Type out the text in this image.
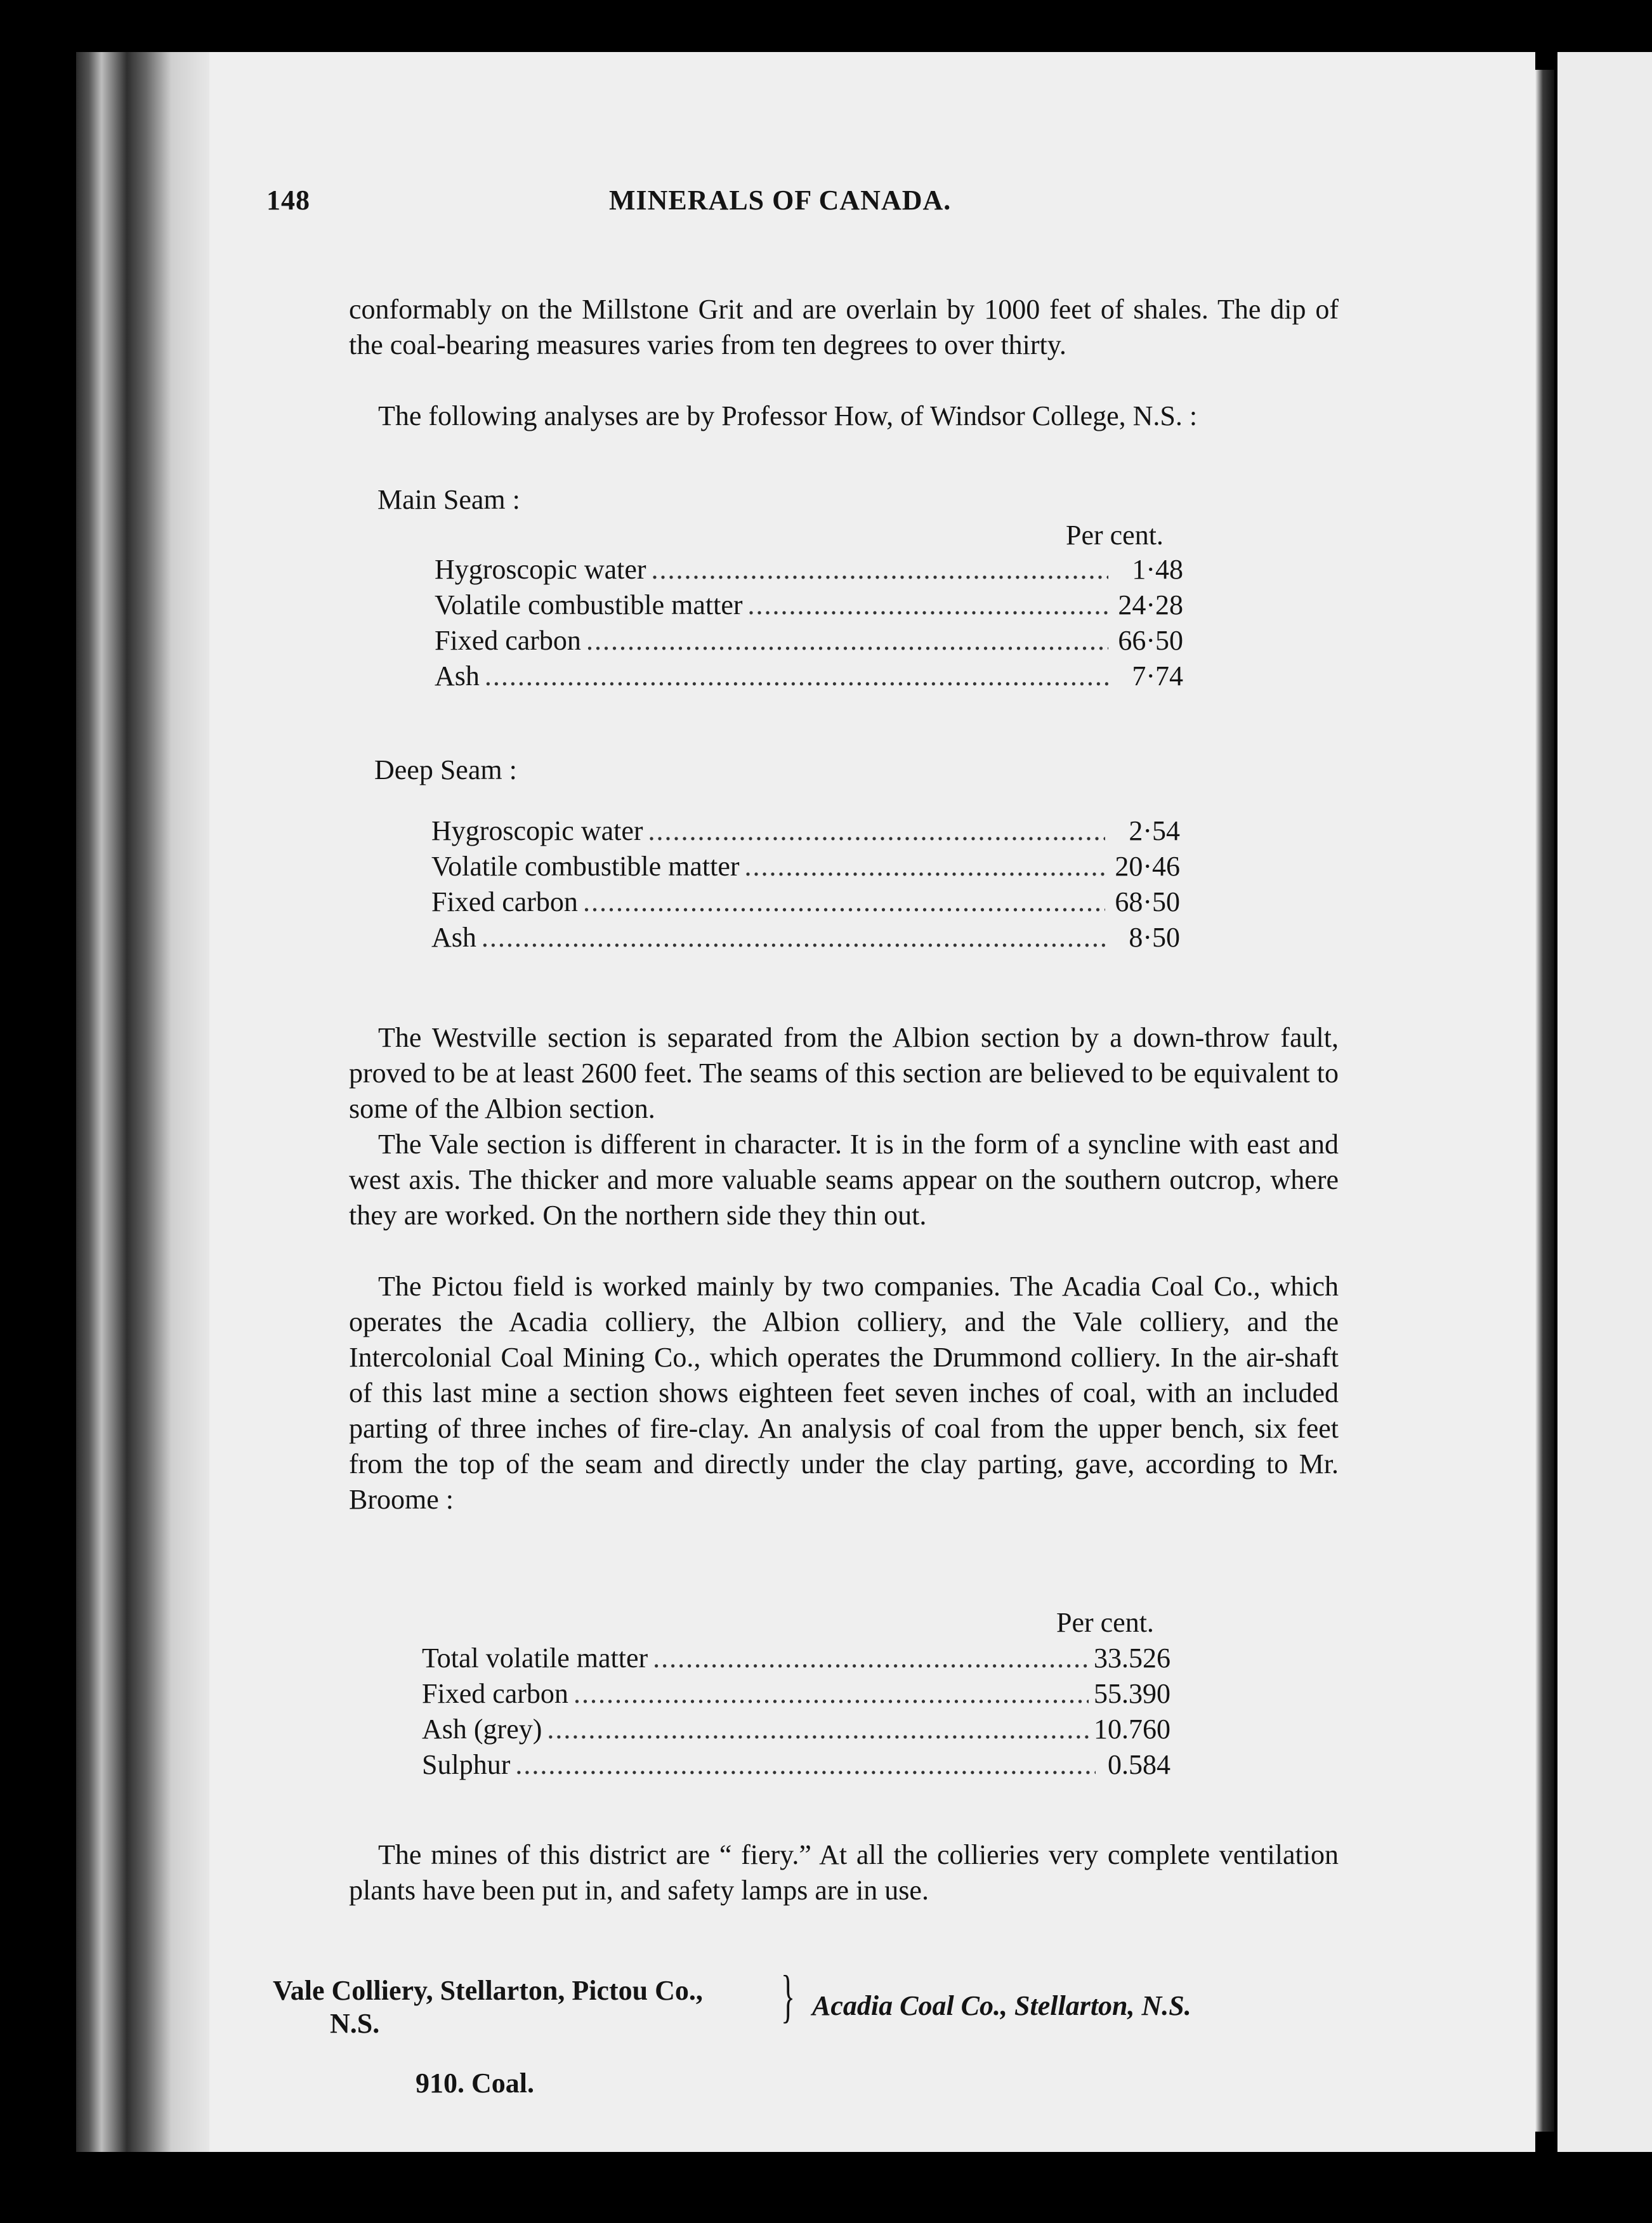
148	MINERALS OF CANADA.

conformably on the Millstone Grit and are overlain by 1000 feet of shales. The dip of the coal-bearing measures varies from ten degrees to over thirty.

The following analyses are by Professor How, of Windsor College, N.S. :

Main Seam :
Per cent.
Hygroscopic water .....	1·48
Volatile combustible matter .....	24·28
Fixed carbon .....	66·50
Ash .....	7·74
Deep Seam :
Hygroscopic water .....	2·54
Volatile combustible matter .....	20·46
Fixed carbon .....	68·50
Ash .....	8·50

The Westville section is separated from the Albion section by a down-throw fault, proved to be at least 2600 feet. The seams of this section are believed to be equivalent to some of the Albion section.

The Vale section is different in character. It is in the form of a syncline with east and west axis. The thicker and more valuable seams appear on the southern outcrop, where they are worked. On the northern side they thin out.

The Pictou field is worked mainly by two companies. The Acadia Coal Co., which operates the Acadia colliery, the Albion colliery, and the Vale colliery, and the Intercolonial Coal Mining Co., which operates the Drummond colliery. In the air-shaft of this last mine a section shows eighteen feet seven inches of coal, with an included parting of three inches of fire-clay. An analysis of coal from the upper bench, six feet from the top of the seam and directly under the clay parting, gave, according to Mr. Broome :

Per cent.
Total volatile matter .....	33.526
Fixed carbon .....	55.390
Ash (grey) .....	10.760
Sulphur .....	0.584

The mines of this district are “ fiery.” At all the collieries very complete ventilation plants have been put in, and safety lamps are in use.

Vale Colliery, Stellarton, Pictou Co.,
N.S.	} Acadia Coal Co., Stellarton, N.S.
910. Coal.
